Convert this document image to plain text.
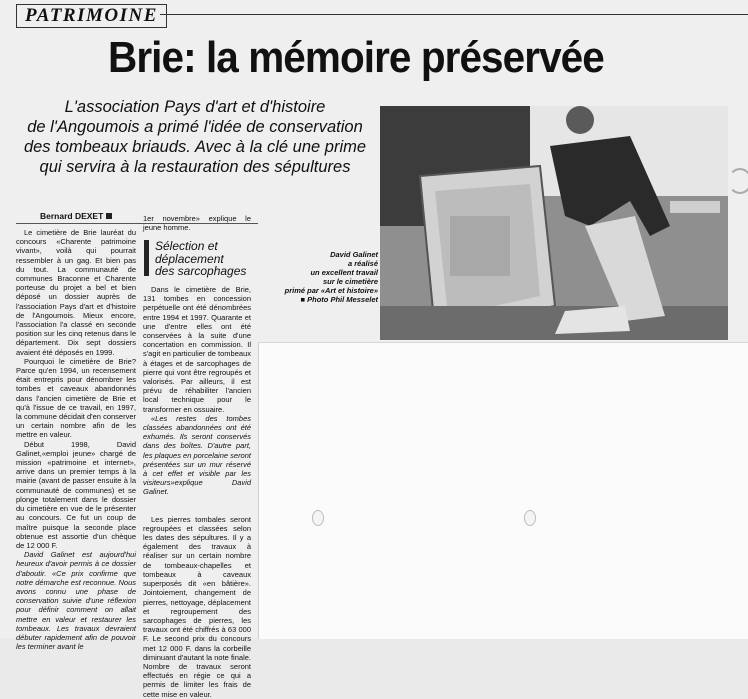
PATRIMOINE
Brie: la mémoire préservée
L'association Pays d'art et d'histoire
de l'Angoumois a primé l'idée de conservation
des tombeaux briauds. Avec à la clé une prime
qui servira à la restauration des sépultures
David Galinet
a réalisé
un excellent travail
sur le cimetière
primé par «Art et histoire»
■ Photo Phil Messelet
Bernard DEXET

Le cimetière de Brie lauréat du concours «Charente patrimoine vivant», voilà qui pourrait ressembler à un gag. Et bien pas du tout. La communauté de communes Braconne et Charente porteuse du projet a bel et bien déposé un dossier auprès de l'association Pays d'art et d'histoire de l'Angoumois. Mieux encore, l'association l'a classé en seconde position sur les cinq retenus dans le département. Dix sept dossiers avaient été déposés en 1999.

Pourquoi le cimetière de Brie? Parce qu'en 1994, un recensement était entrepris pour dénombrer les tombes et caveaux abandonnés dans l'ancien cimetière de Brie et qu'à l'issue de ce travail, en 1997, la commune décidait d'en conserver un certain nombre afin de les mettre en valeur.

Début 1998, David Galinet,«emploi jeune» chargé de mission «patrimoine et internet», arrive dans un premier temps à la mairie (avant de passer ensuite à la communauté de communes) et se plonge totalement dans le dossier du cimetière en vue de le présenter au concours. Ce fut un coup de maître puisque la seconde place obtenue est assortie d'un chèque de 12 000 F.

David Galinet est aujourd'hui heureux d'avoir permis à ce dossier d'aboutir. «Ce prix confirme que notre démarche est reconnue. Nous avons connu une phase de conservation suivie d'une réflexion pour définir comment on allait mettre en valeur et restaurer les tombeaux. Les travaux devraient débuter rapidement afin de pouvoir les terminer avant le

1er novembre» explique le jeune homme.

Sélection et
déplacement
des sarcophages

Dans le cimetière de Brie, 131 tombes en concession perpétuelle ont été dénombrées entre 1994 et 1997. Quarante et une d'entre elles ont été conservées à la suite d'une concertation en commission. Il s'agit en particulier de tombeaux à étages et de sarcophages de pierre qui vont être regroupés et valorisés. Par ailleurs, il est prévu de réhabiliter l'ancien local technique pour le transformer en ossuaire.

«Les restes des tombes classées abandonnées ont été exhumés. Ils seront conservés dans des boîtes. D'autre part, les plaques en porcelaine seront présentées sur un mur réservé à cet effet et visible par les visiteurs»explique David Galinet.

Les pierres tombales seront regroupées et classées selon les dates des sépultures. Il y a également des travaux à réaliser sur un certain nombre de tombeaux-chapelles et tombeaux à caveaux superposés dit «en bâtière». Jointoiement, changement de pierres, nettoyage, déplacement et regroupement des sarcophages de pierres, les travaux ont été chiffrés à 63 000 F. Le second prix du concours met 12 000 F. dans la corbeille diminuant d'autant la note finale. Nombre de travaux seront effectués en régie ce qui a permis de limiter les frais de cette mise en valeur.
